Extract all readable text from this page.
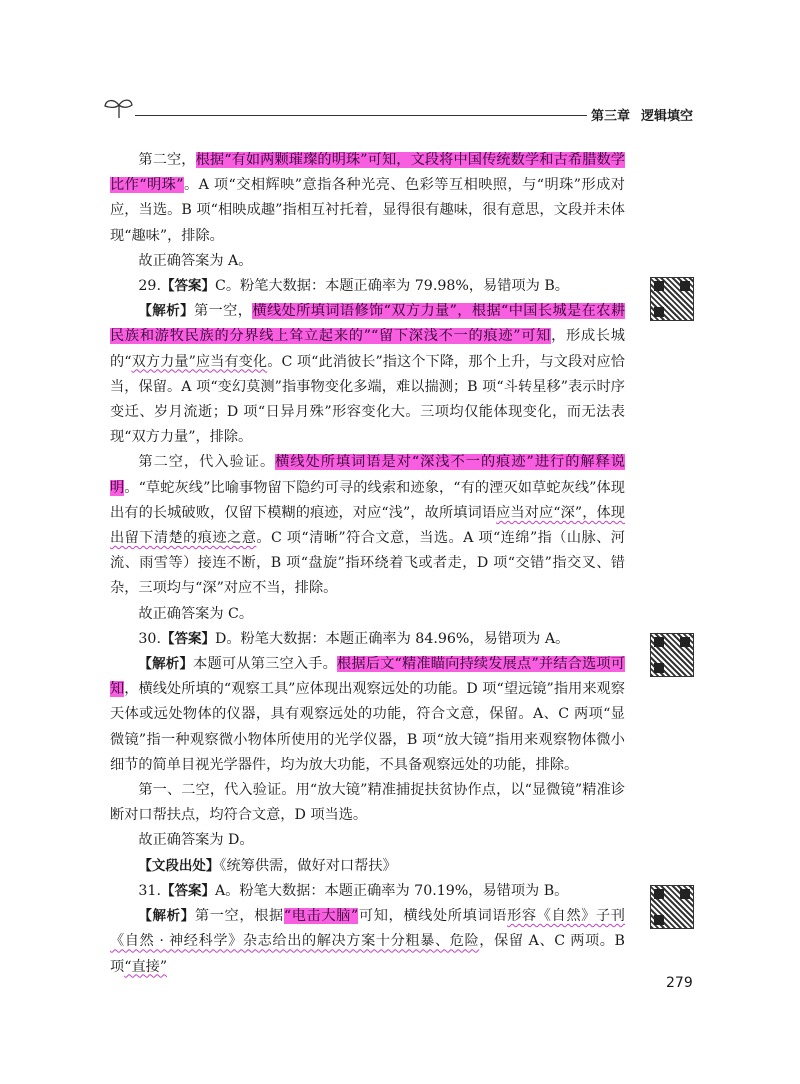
第三章 逻辑填空

第二空，根据“有如两颗璀璨的明珠”可知，文段将中国传统数学和古希腊数学比作“明珠”。A 项“交相辉映”意指各种光亮、色彩等互相映照，与“明珠”形成对应，当选。B 项“相映成趣”指相互衬托着，显得很有趣味，很有意思，文段并未体现“趣味”，排除。

故正确答案为 A。

29.【答案】C。粉笔大数据：本题正确率为 79.98%，易错项为 B。

【解析】第一空，横线处所填词语修饰“双方力量”，根据“中国长城是在农耕民族和游牧民族的分界线上耸立起来的”“留下深浅不一的痕迹”可知，形成长城的“双方力量”应当有变化。C 项“此消彼长”指这个下降，那个上升，与文段对应恰当，保留。A 项“变幻莫测”指事物变化多端，难以揣测；B 项“斗转星移”表示时序变迁、岁月流逝；D 项“日异月殊”形容变化大。三项均仅能体现变化，而无法表现“双方力量”，排除。

第二空，代入验证。横线处所填词语是对“深浅不一的痕迹”进行的解释说明。“草蛇灰线”比喻事物留下隐约可寻的线索和迹象，“有的湮灭如草蛇灰线”体现出有的长城破败，仅留下模糊的痕迹，对应“浅”，故所填词语应当对应“深”，体现出留下清楚的痕迹之意。C 项“清晰”符合文意，当选。A 项“连绵”指（山脉、河流、雨雪等）接连不断，B 项“盘旋”指环绕着飞或者走，D 项“交错”指交叉、错杂，三项均与“深”对应不当，排除。

故正确答案为 C。

30.【答案】D。粉笔大数据：本题正确率为 84.96%，易错项为 A。

【解析】本题可从第三空入手。根据后文“精准瞄向持续发展点”并结合选项可知，横线处所填的“观察工具”应体现出观察远处的功能。D 项“望远镜”指用来观察天体或远处物体的仪器，具有观察远处的功能，符合文意，保留。A、C 两项“显微镜”指一种观察微小物体所使用的光学仪器，B 项“放大镜”指用来观察物体微小细节的简单目视光学器件，均为放大功能，不具备观察远处的功能，排除。

第一、二空，代入验证。用“放大镜”精准捕捉扶贫协作点，以“显微镜”精准诊断对口帮扶点，均符合文意，D 项当选。

故正确答案为 D。

【文段出处】《统筹供需，做好对口帮扶》

31.【答案】A。粉笔大数据：本题正确率为 70.19%，易错项为 B。

【解析】第一空，根据“电击大脑”可知，横线处所填词语形容《自然》子刊《自然 · 神经科学》杂志给出的解决方案十分粗暴、危险，保留 A、C 两项。B 项“直接”

279
